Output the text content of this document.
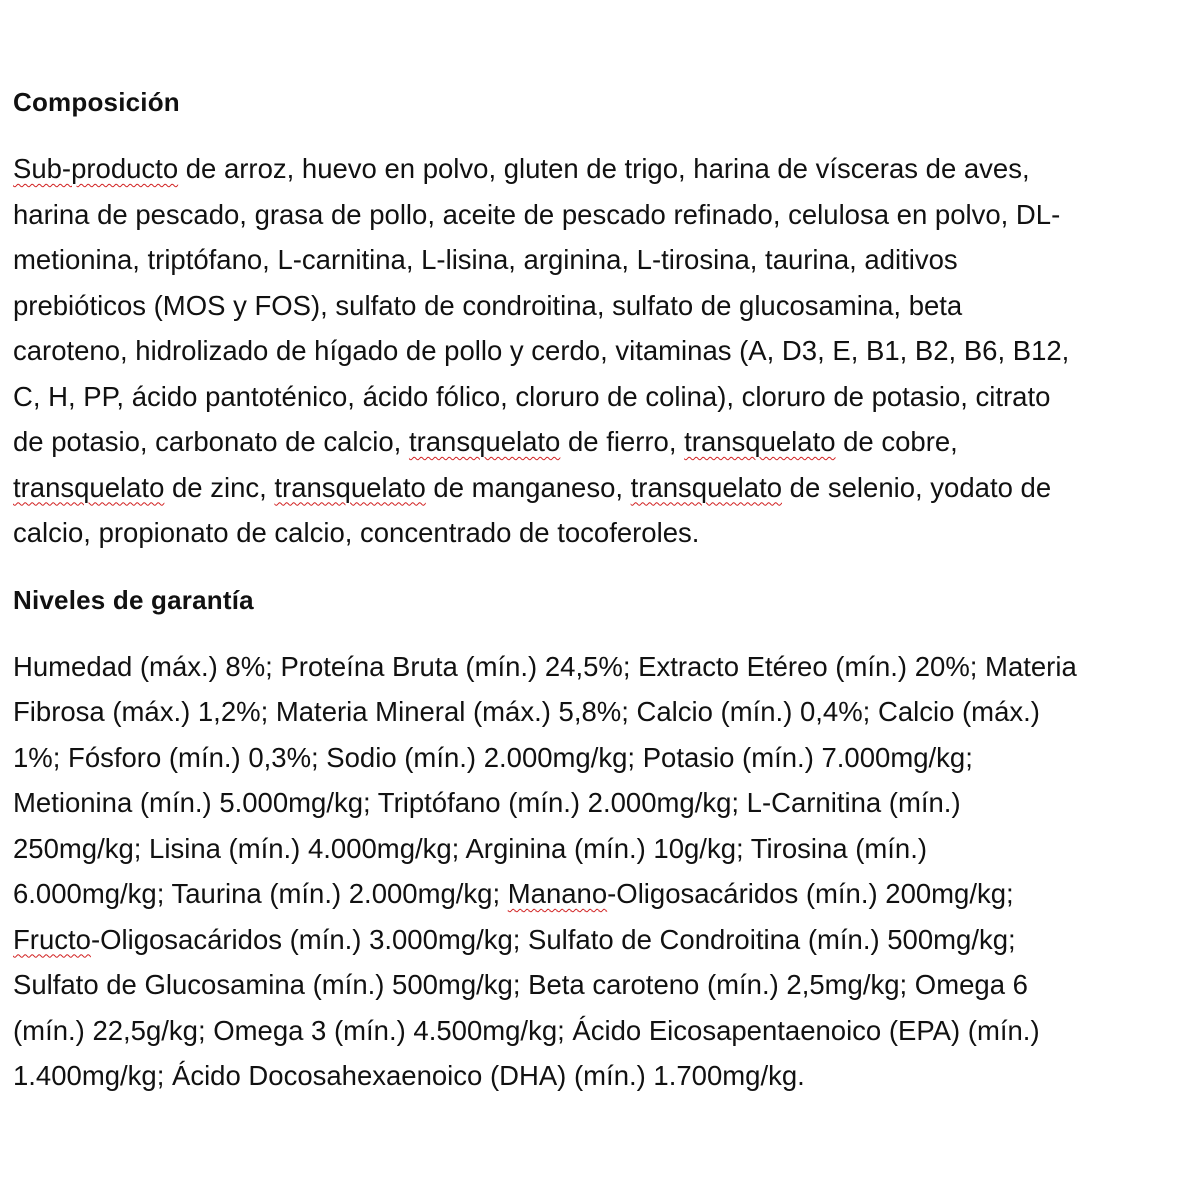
Composición

Sub-producto de arroz, huevo en polvo, gluten de trigo, harina de vísceras de aves,
harina de pescado, grasa de pollo, aceite de pescado refinado, celulosa en polvo, DL-
metionina, triptófano, L-carnitina, L-lisina, arginina, L-tirosina, taurina, aditivos
prebióticos (MOS y FOS), sulfato de condroitina, sulfato de glucosamina, beta
caroteno, hidrolizado de hígado de pollo y cerdo, vitaminas (A, D3, E, B1, B2, B6, B12,
C, H, PP, ácido pantoténico, ácido fólico, cloruro de colina), cloruro de potasio, citrato
de potasio, carbonato de calcio, transquelato de fierro, transquelato de cobre,
transquelato de zinc, transquelato de manganeso, transquelato de selenio, yodato de
calcio, propionato de calcio, concentrado de tocoferoles.

Niveles de garantía

Humedad (máx.) 8%; Proteína Bruta (mín.) 24,5%; Extracto Etéreo (mín.) 20%; Materia
Fibrosa (máx.) 1,2%; Materia Mineral (máx.) 5,8%; Calcio (mín.) 0,4%; Calcio (máx.)
1%; Fósforo (mín.) 0,3%; Sodio (mín.) 2.000mg/kg; Potasio (mín.) 7.000mg/kg;
Metionina (mín.) 5.000mg/kg; Triptófano (mín.) 2.000mg/kg; L-Carnitina (mín.)
250mg/kg; Lisina (mín.) 4.000mg/kg; Arginina (mín.) 10g/kg; Tirosina (mín.)
6.000mg/kg; Taurina (mín.) 2.000mg/kg; Manano-Oligosacáridos (mín.) 200mg/kg;
Fructo-Oligosacáridos (mín.) 3.000mg/kg; Sulfato de Condroitina (mín.) 500mg/kg;
Sulfato de Glucosamina (mín.) 500mg/kg; Beta caroteno (mín.) 2,5mg/kg; Omega 6
(mín.) 22,5g/kg; Omega 3 (mín.) 4.500mg/kg; Ácido Eicosapentaenoico (EPA) (mín.)
1.400mg/kg; Ácido Docosahexaenoico (DHA) (mín.) 1.700mg/kg.
